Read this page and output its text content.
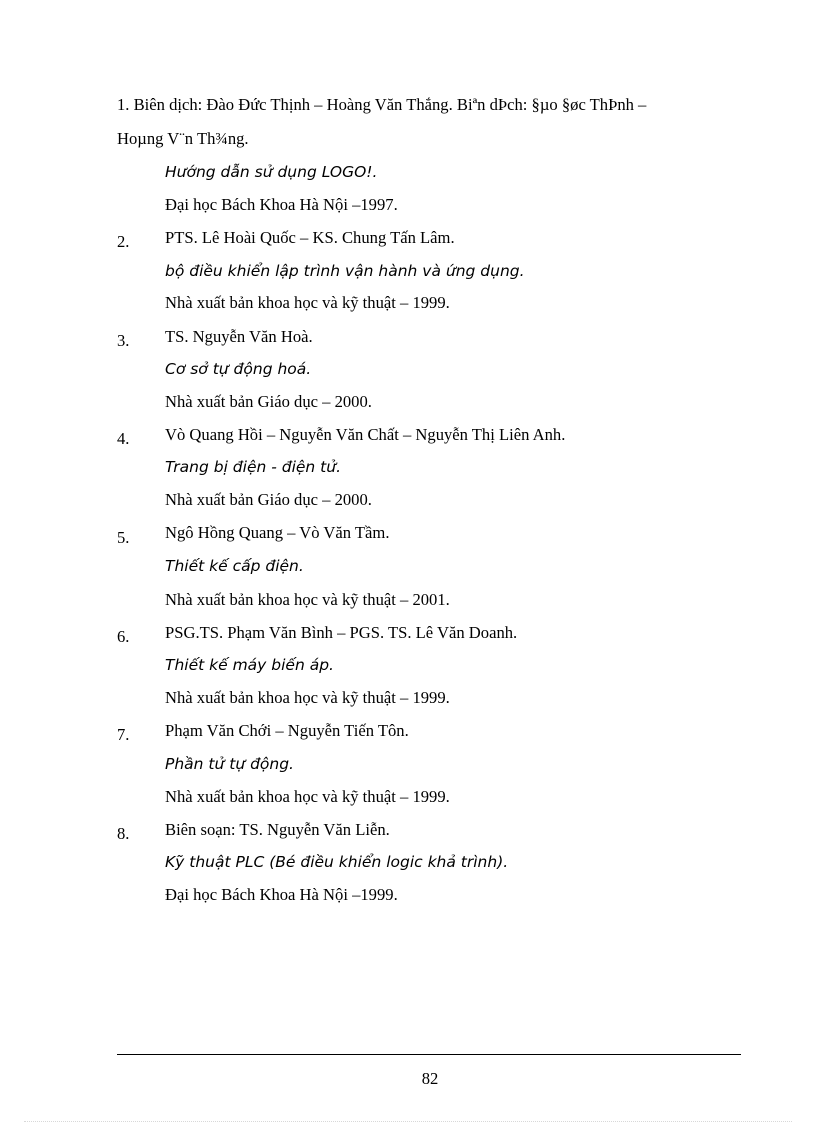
1. Biên dịch: Đào Đức Thịnh – Hoàng Văn Thắng. Biªn dÞch: §µo §øc ThÞnh –
Hoµng V¨n Th¾ng.
Hướng dẫn sử dụng LOGO!.
Đại học Bách Khoa Hà Nội –1997.
2. PTS. Lê Hoài Quốc – KS. Chung Tấn Lâm.
bộ điều khiển lập trình vận hành và ứng dụng.
Nhà xuất bản khoa học và kỹ thuật – 1999.
3. TS. Nguyễn Văn Hoà.
Cơ sở tự động hoá.
Nhà xuất bản Giáo dục – 2000.
4. Vò Quang Hồi – Nguyễn Văn Chất – Nguyễn Thị Liên Anh.
Trang bị điện - điện tử.
Nhà xuất bản Giáo dục – 2000.
5. Ngô Hồng Quang – Vò Văn Tầm.
Thiết kế cấp điện.
Nhà xuất bản khoa học và kỹ thuật – 2001.
6. PSG.TS. Phạm Văn Bình – PGS. TS. Lê Văn Doanh.
Thiết kế máy biến áp.
Nhà xuất bản khoa học và kỹ thuật – 1999.
7. Phạm Văn Chới – Nguyễn Tiến Tôn.
Phần tử tự động.
Nhà xuất bản khoa học và kỹ thuật – 1999.
8. Biên soạn: TS. Nguyễn Văn Liễn.
Kỹ thuật PLC (Bé điều khiển logic khả trình).
Đại học Bách Khoa Hà Nội –1999.
82
